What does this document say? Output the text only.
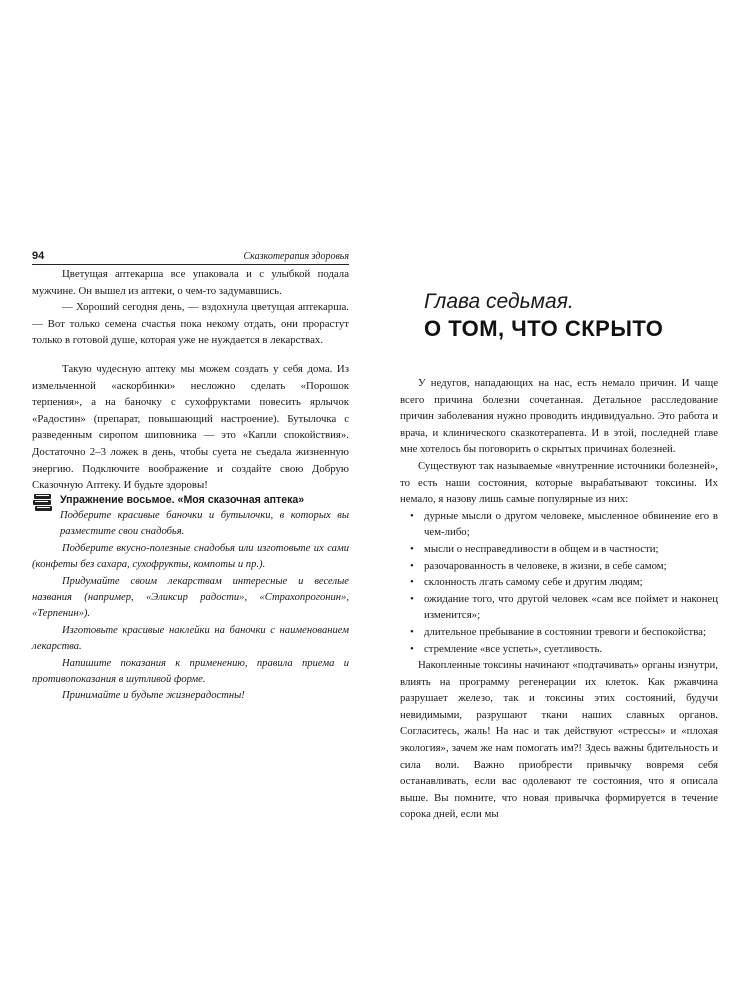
94	Сказкотерапия здоровья

Цветущая аптекарша все упаковала и с улыбкой подала мужчине. Он вышел из аптеки, о чем-то задумавшись.

— Хороший сегодня день, — вздохнула цветущая аптекарша. — Вот только семена счастья пока некому отдать, они прорастут только в готовой душе, которая уже не нуждается в лекарствах.

Такую чудесную аптеку мы можем создать у себя дома. Из измельченной «аскорбинки» несложно сделать «Порошок терпения», а на баночку с сухофруктами повесить ярлычок «Радостин» (препарат, повышающий настроение). Бутылочка с разведенным сиропом шиповника — это «Капли спокойствия». Достаточно 2–3 ложек в день, чтобы суета не съедала жизненную энергию. Подключите воображение и создайте свою Добрую Сказочную Аптеку. И будьте здоровы!

Упражнение восьмое. «Моя сказочная аптека»

Подберите красивые баночки и бутылочки, в которых вы разместите свои снадобья.

Подберите вкусно-полезные снадобья или изготовьте их сами (конфеты без сахара, сухофрукты, компоты и пр.).

Придумайте своим лекарствам интересные и веселые названия (например, «Эликсир радости», «Страхопрогонин», «Терпенин»).

Изготовьте красивые наклейки на баночки с наименованием лекарства.

Напишите показания к применению, правила приема и противопоказания в шутливой форме.

Принимайте и будьте жизнерадостны!

Глава седьмая.
О ТОМ, ЧТО СКРЫТО

У недугов, нападающих на нас, есть немало причин. И чаще всего причина болезни сочетанная. Детальное расследование причин заболевания нужно проводить индивидуально. Это работа и врача, и клинического сказкотерапевта. И в этой, последней главе мне хотелось бы поговорить о скрытых причинах болезней.

Существуют так называемые «внутренние источники болезней», то есть наши состояния, которые вырабатывают токсины. Их немало, я назову лишь самые популярные из них:

• дурные мысли о другом человеке, мысленное обвинение его в чем-либо;
• мысли о несправедливости в общем и в частности;
• разочарованность в человеке, в жизни, в себе самом;
• склонность лгать самому себе и другим людям;
• ожидание того, что другой человек «сам все поймет и наконец изменится»;
• длительное пребывание в состоянии тревоги и беспокойства;
• стремление «все успеть», суетливость.

Накопленные токсины начинают «подтачивать» органы изнутри, влиять на программу регенерации их клеток. Как ржавчина разрушает железо, так и токсины этих состояний, будучи невидимыми, разрушают ткани наших славных органов. Согласитесь, жаль! На нас и так действуют «стрессы» и «плохая экология», зачем же нам помогать им?! Здесь важны бдительность и сила воли. Важно приобрести привычку вовремя себя останавливать, если вас одолевают те состояния, что я описала выше. Вы помните, что новая привычка формируется в течение сорока дней, если мы
